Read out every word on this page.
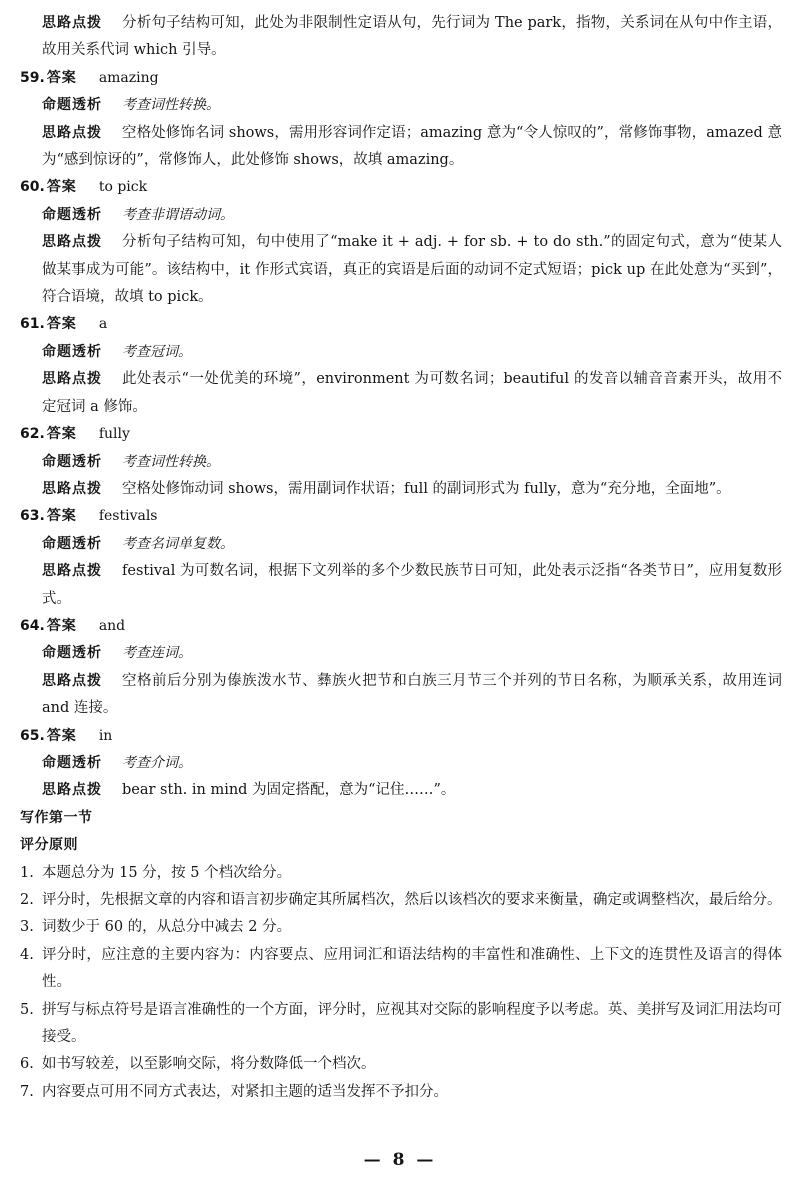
思路点拨	分析句子结构可知，此处为非限制性定语从句，先行词为 The park，指物，关系词在从句中作主语，故用关系代词 which 引导。
59. 答案 amazing
命题透析	考查词性转换。
思路点拨	空格处修饰名词 shows，需用形容词作定语；amazing 意为“令人惊叹的”，常修饰事物，amazed 意为“感到惊讶的”，常修饰人，此处修饰 shows，故填 amazing。
60. 答案 to pick
命题透析	考查非谓语动词。
思路点拨	分析句子结构可知，句中使用了“make it + adj. + for sb. + to do sth.”的固定句式，意为“使某人做某事成为可能”。该结构中，it 作形式宾语，真正的宾语是后面的动词不定式短语；pick up 在此处意为“买到”，符合语境，故填 to pick。
61. 答案 a
命题透析	考查冠词。
思路点拨	此处表示“一处优美的环境”，environment 为可数名词；beautiful 的发音以辅音音素开头，故用不定冠词 a 修饰。
62. 答案 fully
命题透析	考查词性转换。
思路点拨	空格处修饰动词 shows，需用副词作状语；full 的副词形式为 fully，意为“充分地，全面地”。
63. 答案 festivals
命题透析	考查名词单复数。
思路点拨	festival 为可数名词，根据下文列举的多个少数民族节日可知，此处表示泛指“各类节日”，应用复数形式。
64. 答案 and
命题透析	考查连词。
思路点拨	空格前后分别为傣族泼水节、彝族火把节和白族三月节三个并列的节日名称，为顺承关系，故用连词 and 连接。
65. 答案 in
命题透析	考查介词。
思路点拨	bear sth. in mind 为固定搭配，意为“记住……”。
写作第一节
评分原则
1. 本题总分为 15 分，按 5 个档次给分。
2. 评分时，先根据文章的内容和语言初步确定其所属档次，然后以该档次的要求来衡量，确定或调整档次，最后给分。
3. 词数少于 60 的，从总分中减去 2 分。
4. 评分时，应注意的主要内容为：内容要点、应用词汇和语法结构的丰富性和准确性、上下文的连贯性及语言的得体性。
5. 拼写与标点符号是语言准确性的一个方面，评分时，应视其对交际的影响程度予以考虑。英、美拼写及词汇用法均可接受。
6. 如书写较差，以至影响交际，将分数降低一个档次。
7. 内容要点可用不同方式表达，对紧扣主题的适当发挥不予扣分。
— 8 —
